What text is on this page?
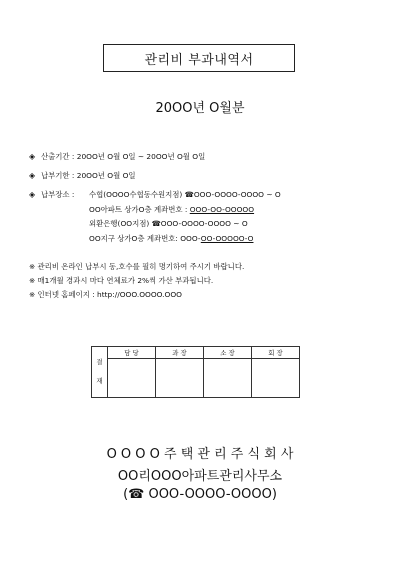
관리비 부과내역서
20OO년 O월분
◈ 산출기간 : 20OO년 O월 O일 ~ 20OO년 O월 O일
◈ 납부기한 : 20OO년 O월 O일
◈ 납부장소 : 수협(OOOO수협동수원지점) ☎OOO-OOOO-OOOO ~ O
OO아파트 상가O층 계좌번호 : OOO-OO-OOOOO
외환은행(OO지점) ☎OOO-OOOO-OOOO ~ O
OO지구 상가O층 계좌번호: OOO-OO-OOOOO-O
※ 관리비 온라인 납부시 동,호수를 필히 명기하여 주시기 바랍니다.
※ 매1개월 경과시 마다 연체료가 2%씩 가산 부과됩니다.
※ 인터넷 홈페이지 : http://OOO.OOOO.OOO
결
재	담 당	과 장	소 장	회 장

O O O O 주 택 관 리 주 식 회 사
OO리OOO아파트관리사무소
(☎ OOO-OOOO-OOOO)
